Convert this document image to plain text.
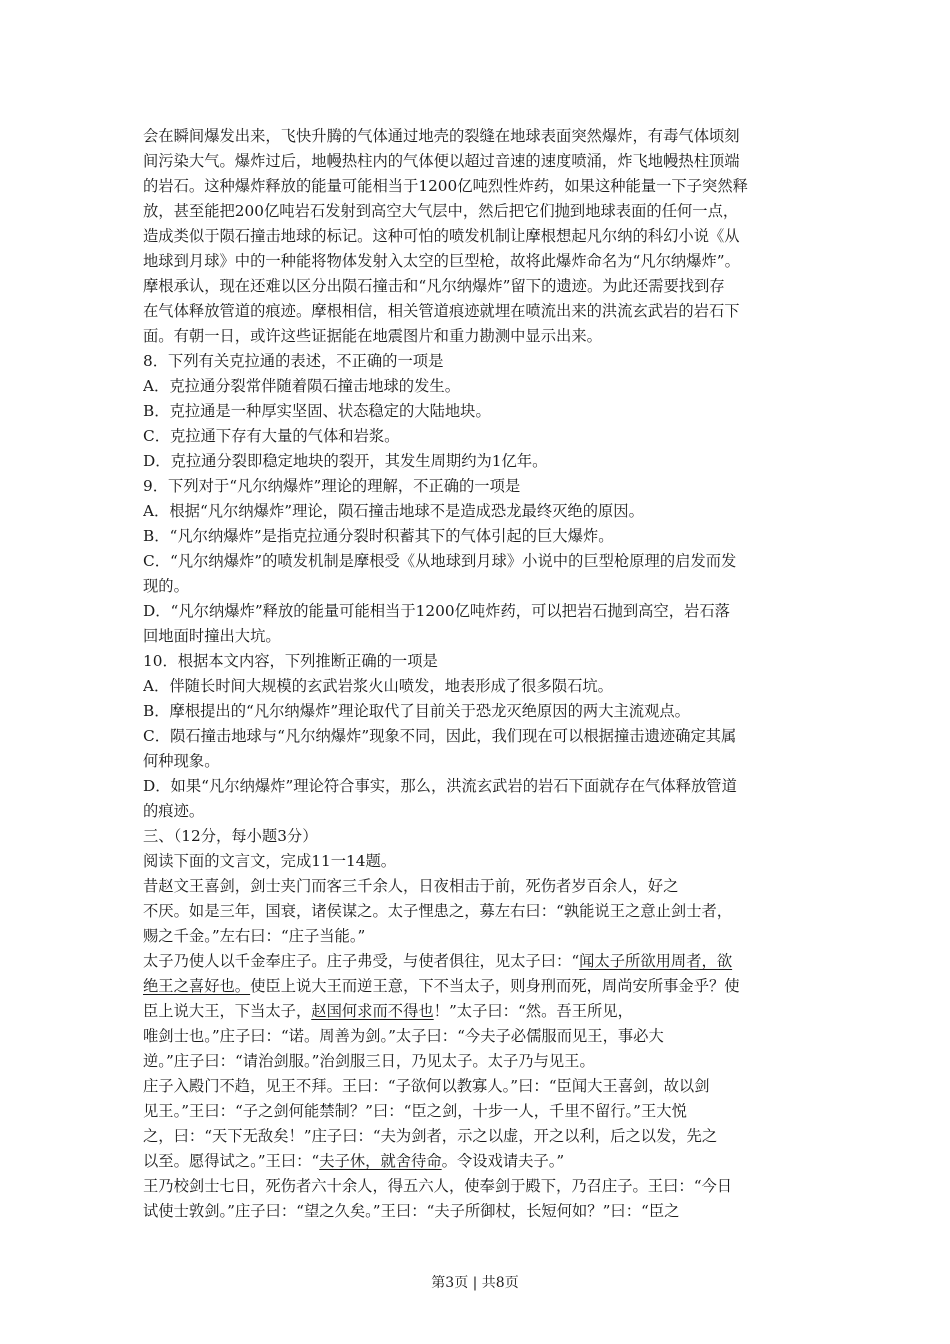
会在瞬间爆发出来，飞快升腾的气体通过地壳的裂缝在地球表面突然爆炸，有毒气体顷刻
间污染大气。爆炸过后，地幔热柱内的气体便以超过音速的速度喷涌，炸飞地幔热柱顶端
的岩石。这种爆炸释放的能量可能相当于1200亿吨烈性炸药，如果这种能量一下子突然释
放，甚至能把200亿吨岩石发射到高空大气层中，然后把它们抛到地球表面的任何一点，
造成类似于陨石撞击地球的标记。这种可怕的喷发机制让摩根想起凡尔纳的科幻小说《从
地球到月球》中的一种能将物体发射入太空的巨型枪，故将此爆炸命名为“凡尔纳爆炸”。
摩根承认，现在还难以区分出陨石撞击和“凡尔纳爆炸”留下的遗迹。为此还需要找到存
在气体释放管道的痕迹。摩根相信，相关管道痕迹就埋在喷流出来的洪流玄武岩的岩石下
面。有朝一日，或许这些证据能在地震图片和重力勘测中显示出来。
8．下列有关克拉通的表述，不正确的一项是
A．克拉通分裂常伴随着陨石撞击地球的发生。
B．克拉通是一种厚实坚固、状态稳定的大陆地块。
C．克拉通下存有大量的气体和岩浆。
D．克拉通分裂即稳定地块的裂开，其发生周期约为1亿年。
9．下列对于“凡尔纳爆炸”理论的理解，不正确的一项是
A．根据“凡尔纳爆炸”理论，陨石撞击地球不是造成恐龙最终灭绝的原因。
B．“凡尔纳爆炸”是指克拉通分裂时积蓄其下的气体引起的巨大爆炸。
C．“凡尔纳爆炸”的喷发机制是摩根受《从地球到月球》小说中的巨型枪原理的启发而发
现的。
D．“凡尔纳爆炸”释放的能量可能相当于1200亿吨炸药，可以把岩石抛到高空，岩石落
回地面时撞出大坑。
10．根据本文内容，下列推断正确的一项是
A．伴随长时间大规模的玄武岩浆火山喷发，地表形成了很多陨石坑。
B．摩根提出的“凡尔纳爆炸”理论取代了目前关于恐龙灭绝原因的两大主流观点。
C．陨石撞击地球与“凡尔纳爆炸”现象不同，因此，我们现在可以根据撞击遗迹确定其属
何种现象。
D．如果“凡尔纳爆炸”理论符合事实，那么，洪流玄武岩的岩石下面就存在气体释放管道
的痕迹。
三、（12分，每小题3分）
阅读下面的文言文，完成11一14题。
昔赵文王喜剑，剑士夹门而客三千余人，日夜相击于前，死伤者岁百余人，好之
不厌。如是三年，国衰，诸侯谋之。太子悝患之，募左右曰：“孰能说王之意止剑士者，
赐之千金。”左右曰：“庄子当能。”
太子乃使人以千金奉庄子。庄子弗受，与使者俱往，见太子曰：“闻太子所欲用周者，欲
绝王之喜好也。使臣上说大王而逆王意，下不当太子，则身刑而死，周尚安所事金乎？使
臣上说大王，下当太子，赵国何求而不得也！”太子曰：“然。吾王所见，
唯剑士也。”庄子曰：“诺。周善为剑。”太子曰：“今夫子必儒服而见王，事必大
逆。”庄子曰：“请治剑服。”治剑服三日，乃见太子。太子乃与见王。
庄子入殿门不趋，见王不拜。王曰：“子欲何以教寡人。”曰：“臣闻大王喜剑，故以剑
见王。”王曰：“子之剑何能禁制？”曰：“臣之剑，十步一人，千里不留行。”王大悦
之，曰：“天下无敌矣！”庄子曰：“夫为剑者，示之以虚，开之以利，后之以发，先之
以至。愿得试之。”王曰：“夫子休，就舍待命。令设戏请夫子。”
王乃校剑士七日，死伤者六十余人，得五六人，使奉剑于殿下，乃召庄子。王曰：“今日
试使士敦剑。”庄子曰：“望之久矣。”王曰：“夫子所御杖，长短何如？”曰：“臣之
第3页 | 共8页
